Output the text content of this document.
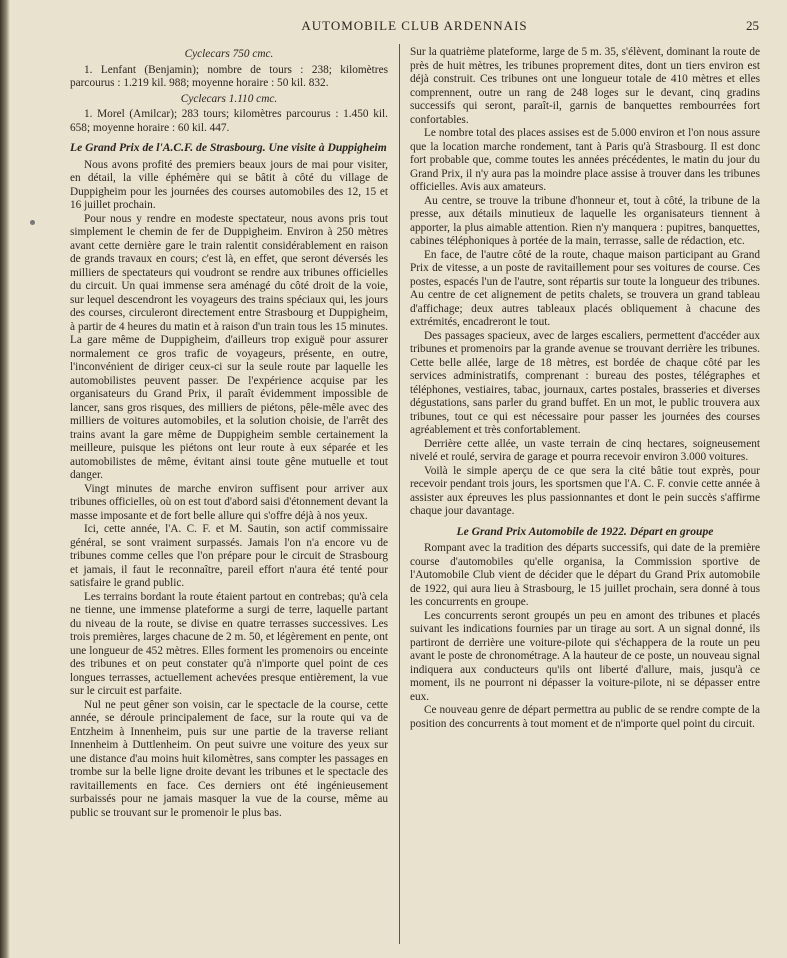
AUTOMOBILE CLUB ARDENNAIS	25

Cyclecars 750 cmc.

1. Lenfant (Benjamin); nombre de tours : 238; kilomètres parcourus : 1.219 kil. 988; moyenne horaire : 50 kil. 832.

Cyclecars 1.110 cmc.

1. Morel (Amilcar); 283 tours; kilomètres parcourus : 1.450 kil. 658; moyenne horaire : 60 kil. 447.

Le Grand Prix de l'A.C.F. de Strasbourg. Une visite à Duppigheim

Nous avons profité des premiers beaux jours de mai pour visiter, en détail, la ville éphémère qui se bâtit à côté du village de Duppigheim pour les journées des courses automobiles des 12, 15 et 16 juillet prochain.

Pour nous y rendre en modeste spectateur, nous avons pris tout simplement le chemin de fer de Duppigheim. Environ à 250 mètres avant cette dernière gare le train ralentit considérablement en raison de grands travaux en cours; c'est là, en effet, que seront déversés les milliers de spectateurs qui voudront se rendre aux tribunes officielles du circuit. Un quai immense sera aménagé du côté droit de la voie, sur lequel descendront les voyageurs des trains spéciaux qui, les jours des courses, circuleront directement entre Strasbourg et Duppigheim, à partir de 4 heures du matin et à raison d'un train tous les 15 minutes. La gare même de Duppigheim, d'ailleurs trop exiguë pour assurer normalement ce gros trafic de voyageurs, présente, en outre, l'inconvénient de diriger ceux-ci sur la seule route par laquelle les automobilistes peuvent passer. De l'expérience acquise par les organisateurs du Grand Prix, il paraît évidemment impossible de lancer, sans gros risques, des milliers de piétons, pêle-mêle avec des milliers de voitures automobiles, et la solution choisie, de l'arrêt des trains avant la gare même de Duppigheim semble certainement la meilleure, puisque les piétons ont leur route à eux séparée et les automobilistes de même, évitant ainsi toute gêne mutuelle et tout danger.

Vingt minutes de marche environ suffisent pour arriver aux tribunes officielles, où on est tout d'abord saisi d'étonnement devant la masse imposante et de fort belle allure qui s'offre déjà à nos yeux.

Ici, cette année, l'A. C. F. et M. Sautin, son actif commissaire général, se sont vraiment surpassés. Jamais l'on n'a encore vu de tribunes comme celles que l'on prépare pour le circuit de Strasbourg et jamais, il faut le reconnaître, pareil effort n'aura été tenté pour satisfaire le grand public.

Les terrains bordant la route étaient partout en contrebas; qu'à cela ne tienne, une immense plateforme a surgi de terre, laquelle partant du niveau de la route, se divise en quatre terrasses successives. Les trois premières, larges chacune de 2 m. 50, et légèrement en pente, ont une longueur de 452 mètres. Elles forment les promenoirs ou enceinte des tribunes et on peut constater qu'à n'importe quel point de ces longues terrasses, actuellement achevées presque entièrement, la vue sur le circuit est parfaite.

Nul ne peut gêner son voisin, car le spectacle de la course, cette année, se déroule principalement de face, sur la route qui va de Entzheim à Innenheim, puis sur une partie de la traverse reliant Innenheim à Duttlenheim. On peut suivre une voiture des yeux sur une distance d'au moins huit kilomètres, sans compter les passages en trombe sur la belle ligne droite devant les tribunes et le spectacle des ravitaillements en face. Ces derniers ont été ingénieusement surbaissés pour ne jamais masquer la vue de la course, même au public se trouvant sur le promenoir le plus bas.

Sur la quatrième plateforme, large de 5 m. 35, s'élèvent, dominant la route de près de huit mètres, les tribunes proprement dites, dont un tiers environ est déjà construit. Ces tribunes ont une longueur totale de 410 mètres et elles comprennent, outre un rang de 248 loges sur le devant, cinq gradins successifs qui seront, paraît-il, garnis de banquettes rembourrées fort confortables.

Le nombre total des places assises est de 5.000 environ et l'on nous assure que la location marche rondement, tant à Paris qu'à Strasbourg. Il est donc fort probable que, comme toutes les années précédentes, le matin du jour du Grand Prix, il n'y aura pas la moindre place assise à trouver dans les tribunes officielles. Avis aux amateurs.

Au centre, se trouve la tribune d'honneur et, tout à côté, la tribune de la presse, aux détails minutieux de laquelle les organisateurs tiennent à apporter, la plus aimable attention. Rien n'y manquera : pupitres, banquettes, cabines téléphoniques à portée de la main, terrasse, salle de rédaction, etc.

En face, de l'autre côté de la route, chaque maison participant au Grand Prix de vitesse, a un poste de ravitaillement pour ses voitures de course. Ces postes, espacés l'un de l'autre, sont répartis sur toute la longueur des tribunes. Au centre de cet alignement de petits chalets, se trouvera un grand tableau d'affichage; deux autres tableaux placés obliquement à chacune des extrémités, encadreront le tout.

Des passages spacieux, avec de larges escaliers, permettent d'accéder aux tribunes et promenoirs par la grande avenue se trouvant derrière les tribunes. Cette belle allée, large de 18 mètres, est bordée de chaque côté par les services administratifs, comprenant : bureau des postes, télégraphes et téléphones, vestiaires, tabac, journaux, cartes postales, brasseries et diverses dégustations, sans parler du grand buffet. En un mot, le public trouvera aux tribunes, tout ce qui est nécessaire pour passer les journées des courses agréablement et très confortablement.

Derrière cette allée, un vaste terrain de cinq hectares, soigneusement nivelé et roulé, servira de garage et pourra recevoir environ 3.000 voitures.

Voilà le simple aperçu de ce que sera la cité bâtie tout exprès, pour recevoir pendant trois jours, les sportsmen que l'A. C. F. convie cette année à assister aux épreuves les plus passionnantes et dont le pein succès s'affirme chaque jour davantage.

Le Grand Prix Automobile de 1922. Départ en groupe

Rompant avec la tradition des départs successifs, qui date de la première course d'automobiles qu'elle organisa, la Commission sportive de l'Automobile Club vient de décider que le départ du Grand Prix automobile de 1922, qui aura lieu à Strasbourg, le 15 juillet prochain, sera donné à tous les concurrents en groupe.

Les concurrents seront groupés un peu en amont des tribunes et placés suivant les indications fournies par un tirage au sort. A un signal donné, ils partiront de derrière une voiture-pilote qui s'échappera de la route un peu avant le poste de chronométrage. A la hauteur de ce poste, un nouveau signal indiquera aux conducteurs qu'ils ont liberté d'allure, mais, jusqu'à ce moment, ils ne pourront ni dépasser la voiture-pilote, ni se dépasser entre eux.

Ce nouveau genre de départ permettra au public de se rendre compte de la position des concurrents à tout moment et de n'importe quel point du circuit.
